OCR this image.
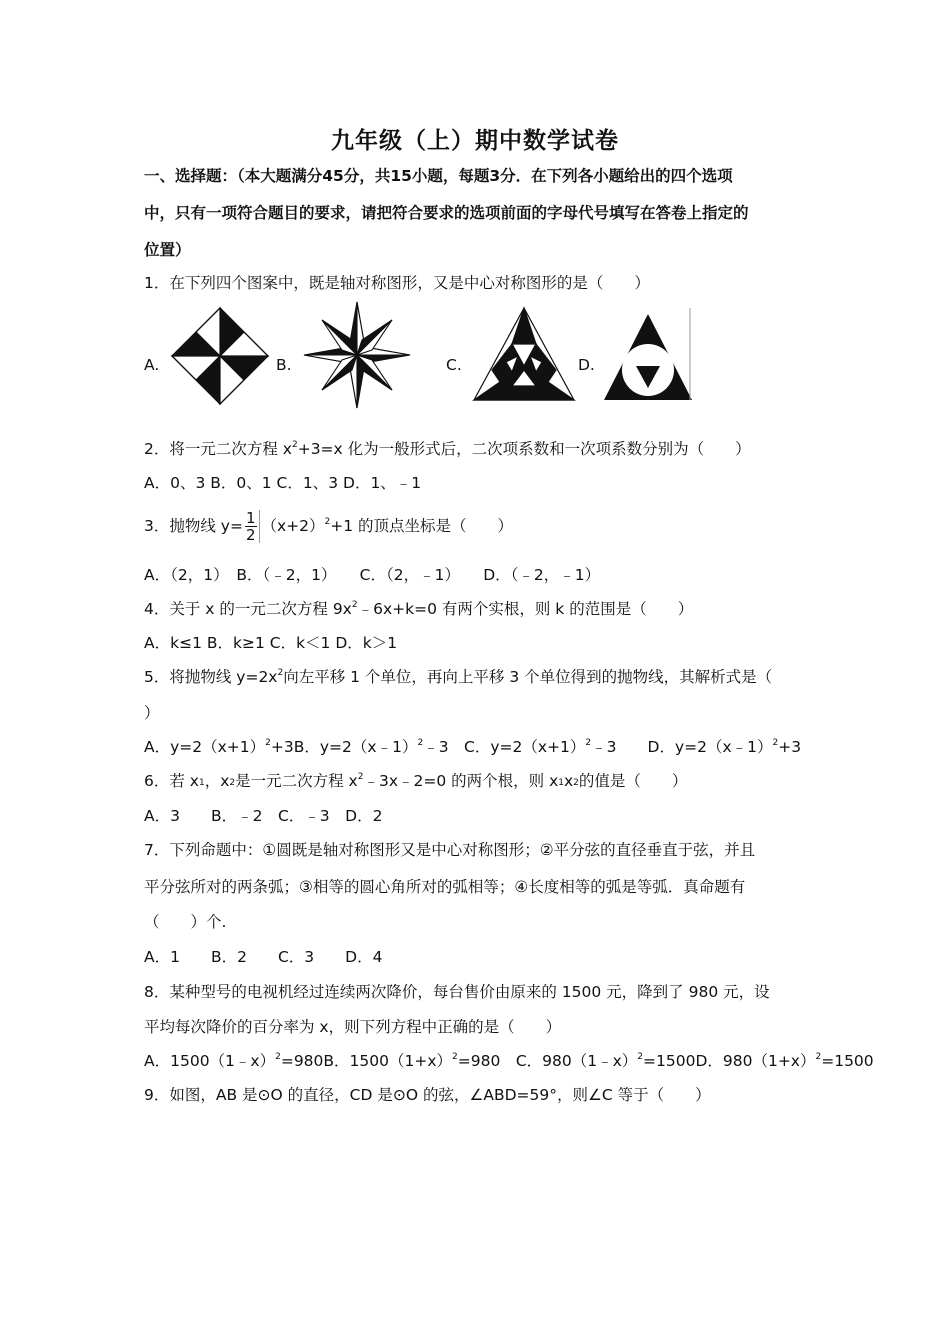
九年级（上）期中数学试卷
一、选择题：（本大题满分45分，共15小题，每题3分．在下列各小题给出的四个选项
中，只有一项符合题目的要求，请把符合要求的选项前面的字母代号填写在答卷上指定的
位置）
1．在下列四个图案中，既是轴对称图形，又是中心对称图形的是（　　）
A.	B.	C.	D.
2．将一元二次方程 $x^2+3=x$ 化为一般形式后，二次项系数和一次项系数分别为（　　）
A．0、3 B．0、1 C．1、3 D．1、﹣1
3．抛物线 $y= \frac{1}{2} (x+2)^2+1$ 的顶点坐标是（　　）
A．（2，1）　B．（﹣2，1）　　C．（2，﹣1）　　D．（﹣2，﹣1）
4．关于 x 的一元二次方程 $9x^2﹣6x+k=0$ 有两个实根，则 k 的范围是（　　）
A．k≤1 B．k≥1 C．k＜1 D．k＞1
5．将抛物线 $y=2x^2$向左平移 1 个单位，再向上平移 3 个单位得到的抛物线，其解析式是（
）
A．$y=2(x+1)^2+3B$．y=2（x﹣1）$^2$﹣3　C．$y=2(x+1)^2﹣3$　　D．y=2（x﹣1）$^2$+3
6．若 $x_1$，$x_2$是一元二次方程 $x^2﹣3x﹣2=0$ 的两个根，则 $x_1x_2$的值是（　　）
A．3　　B．﹣2　C．﹣3　D．2
7．下列命题中：①圆既是轴对称图形又是中心对称图形；②平分弦的直径垂直于弦，并且
平分弦所对的两条弧；③相等的圆心角所对的弧相等；④长度相等的弧是等弧．真命题有
（　　）个.
A．1　　B．2　　C．3　　D．4
8．某种型号的电视机经过连续两次降价，每台售价由原来的 1500 元，降到了 980 元，设
平均每次降价的百分率为 x，则下列方程中正确的是（　　）
A．1500（1﹣x）$^2$=980B．$1500(1+x)^2=980$　C．980（1﹣x）$^2$=1500D．$980(1+x)^2=1500$
9．如图，AB 是⊙O 的直径，CD 是⊙O 的弦，∠ABD=59°，则∠C 等于（　　）
